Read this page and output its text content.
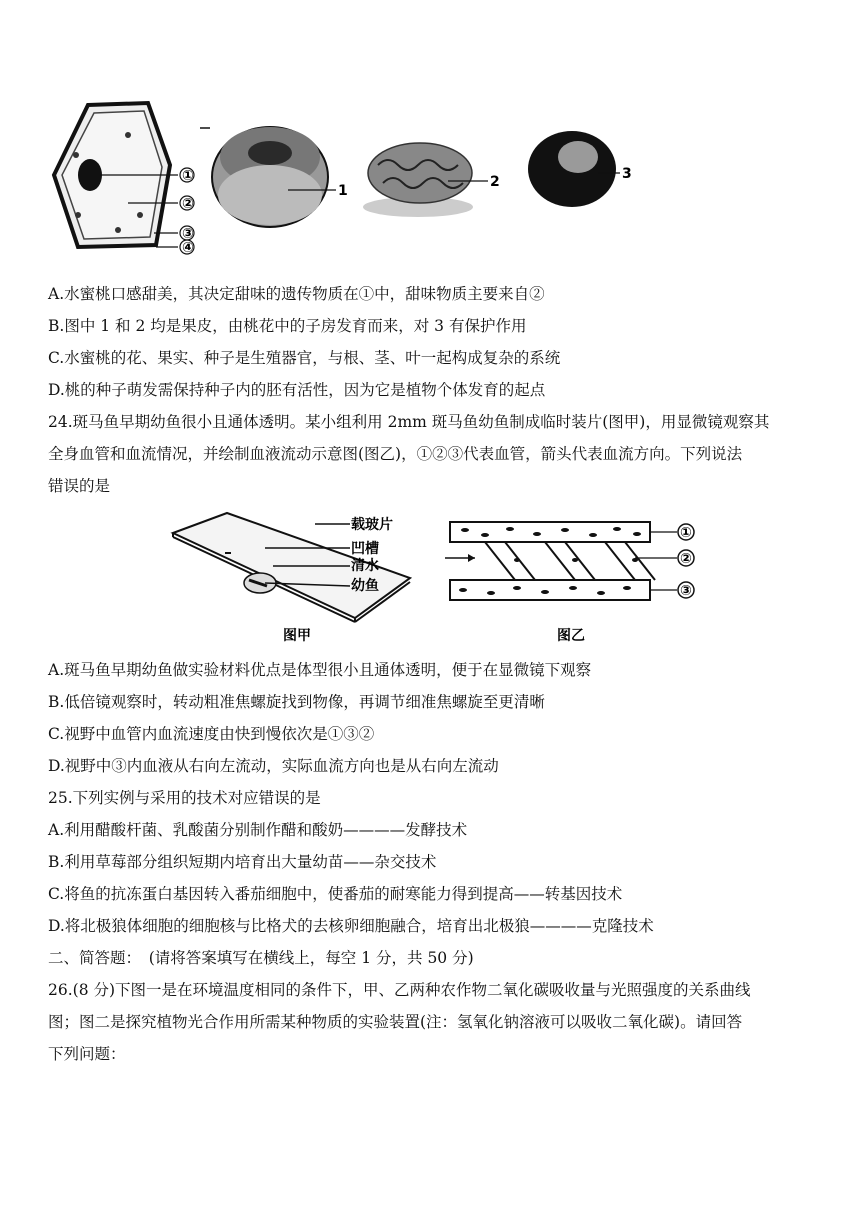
①
②
③
④
1
2	3
A.水蜜桃口感甜美，其决定甜味的遗传物质在①中，甜味物质主要来自②
B.图中 1 和 2 均是果皮，由桃花中的子房发育而来，对 3 有保护作用
C.水蜜桃的花、果实、种子是生殖器官，与根、茎、叶一起构成复杂的系统
D.桃的种子萌发需保持种子内的胚有活性，因为它是植物个体发育的起点
24.斑马鱼早期幼鱼很小且通体透明。某小组利用 2mm 斑马鱼幼鱼制成临时装片(图甲)，用显微镜观察其
全身血管和血流情况，并绘制血液流动示意图(图乙)，①②③代表血管，箭头代表血流方向。下列说法
错误的是
载玻片
凹槽
清水
幼鱼
图甲
①
②
③
图乙
A.斑马鱼早期幼鱼做实验材料优点是体型很小且通体透明，便于在显微镜下观察
B.低倍镜观察时，转动粗准焦螺旋找到物像，再调节细准焦螺旋至更清晰
C.视野中血管内血流速度由快到慢依次是①③②
D.视野中③内血液从右向左流动，实际血流方向也是从右向左流动
25.下列实例与采用的技术对应错误的是
A.利用醋酸杆菌、乳酸菌分别制作醋和酸奶————发酵技术
B.利用草莓部分组织短期内培育出大量幼苗——杂交技术
C.将鱼的抗冻蛋白基因转入番茄细胞中，使番茄的耐寒能力得到提高——转基因技术
D.将北极狼体细胞的细胞核与比格犬的去核卵细胞融合，培育出北极狼————克隆技术
二、简答题：　(请将答案填写在横线上，每空 1 分，共 50 分)
26.(8 分)下图一是在环境温度相同的条件下，甲、乙两种农作物二氧化碳吸收量与光照强度的关系曲线
图；图二是探究植物光合作用所需某种物质的实验装置(注：氢氧化钠溶液可以吸收二氧化碳)。请回答
下列问题：
